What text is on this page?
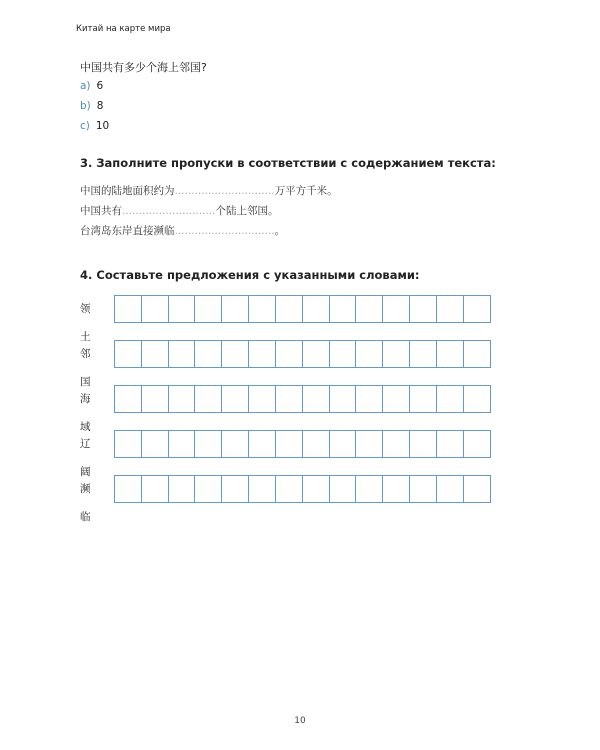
Китай на карте мира
中国共有多少个海上邻国?
a) 6
b) 8
c) 10
3. Заполните пропуски в соответствии с содержанием текста:
中国的陆地面积约为..............................万平方千米。
中国共有............................个陆上邻国。
台湾岛东岸直接濒临..............................。
4. Составьте предложения с указанными словами:
领土
邻国
海域
辽阔
濒临
10
